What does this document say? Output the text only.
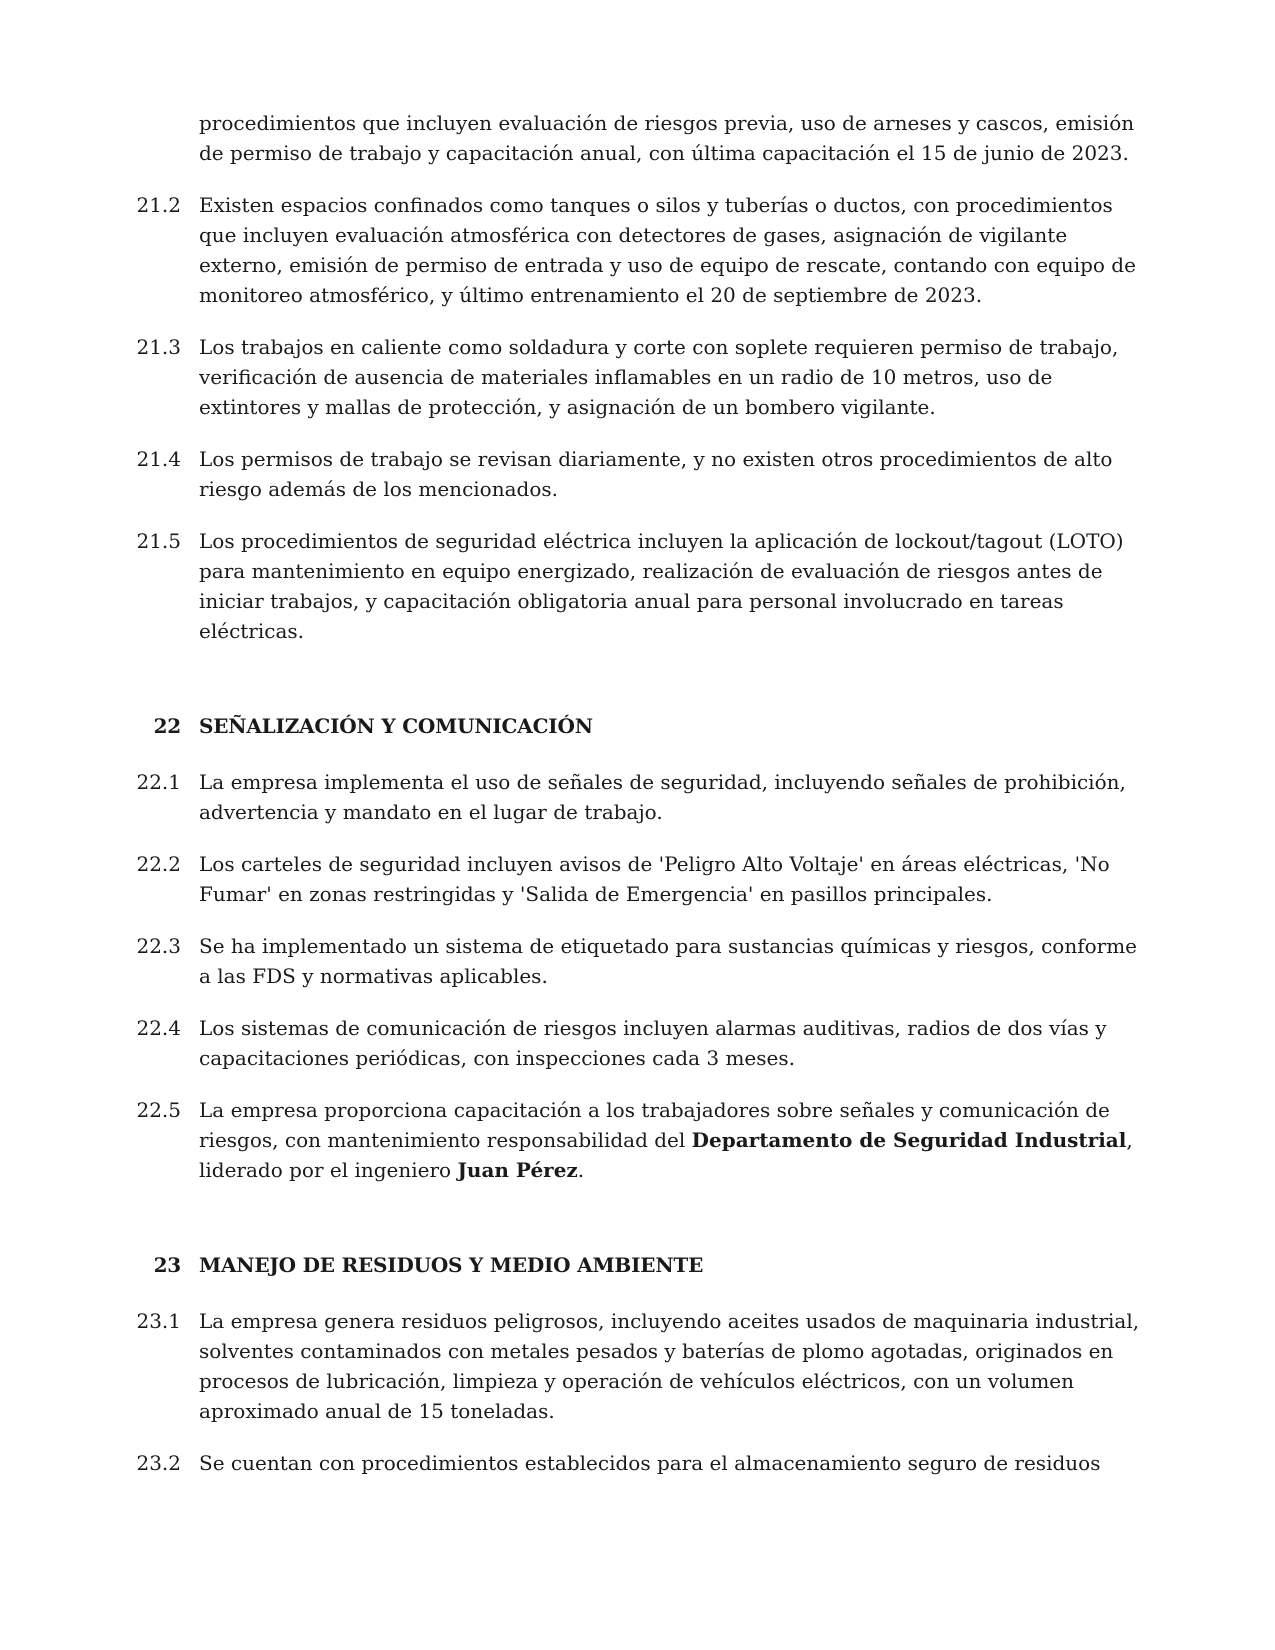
procedimientos que incluyen evaluación de riesgos previa, uso de arneses y cascos, emisión de permiso de trabajo y capacitación anual, con última capacitación el 15 de junio de 2023.
21.2 Existen espacios confinados como tanques o silos y tuberías o ductos, con procedimientos que incluyen evaluación atmosférica con detectores de gases, asignación de vigilante externo, emisión de permiso de entrada y uso de equipo de rescate, contando con equipo de monitoreo atmosférico, y último entrenamiento el 20 de septiembre de 2023.
21.3 Los trabajos en caliente como soldadura y corte con soplete requieren permiso de trabajo, verificación de ausencia de materiales inflamables en un radio de 10 metros, uso de extintores y mallas de protección, y asignación de un bombero vigilante.
21.4 Los permisos de trabajo se revisan diariamente, y no existen otros procedimientos de alto riesgo además de los mencionados.
21.5 Los procedimientos de seguridad eléctrica incluyen la aplicación de lockout/tagout (LOTO) para mantenimiento en equipo energizado, realización de evaluación de riesgos antes de iniciar trabajos, y capacitación obligatoria anual para personal involucrado en tareas eléctricas.
22 SEÑALIZACIÓN Y COMUNICACIÓN
22.1 La empresa implementa el uso de señales de seguridad, incluyendo señales de prohibición, advertencia y mandato en el lugar de trabajo.
22.2 Los carteles de seguridad incluyen avisos de 'Peligro Alto Voltaje' en áreas eléctricas, 'No Fumar' en zonas restringidas y 'Salida de Emergencia' en pasillos principales.
22.3 Se ha implementado un sistema de etiquetado para sustancias químicas y riesgos, conforme a las FDS y normativas aplicables.
22.4 Los sistemas de comunicación de riesgos incluyen alarmas auditivas, radios de dos vías y capacitaciones periódicas, con inspecciones cada 3 meses.
22.5 La empresa proporciona capacitación a los trabajadores sobre señales y comunicación de riesgos, con mantenimiento responsabilidad del Departamento de Seguridad Industrial, liderado por el ingeniero Juan Pérez.
23 MANEJO DE RESIDUOS Y MEDIO AMBIENTE
23.1 La empresa genera residuos peligrosos, incluyendo aceites usados de maquinaria industrial, solventes contaminados con metales pesados y baterías de plomo agotadas, originados en procesos de lubricación, limpieza y operación de vehículos eléctricos, con un volumen aproximado anual de 15 toneladas.
23.2 Se cuentan con procedimientos establecidos para el almacenamiento seguro de residuos
